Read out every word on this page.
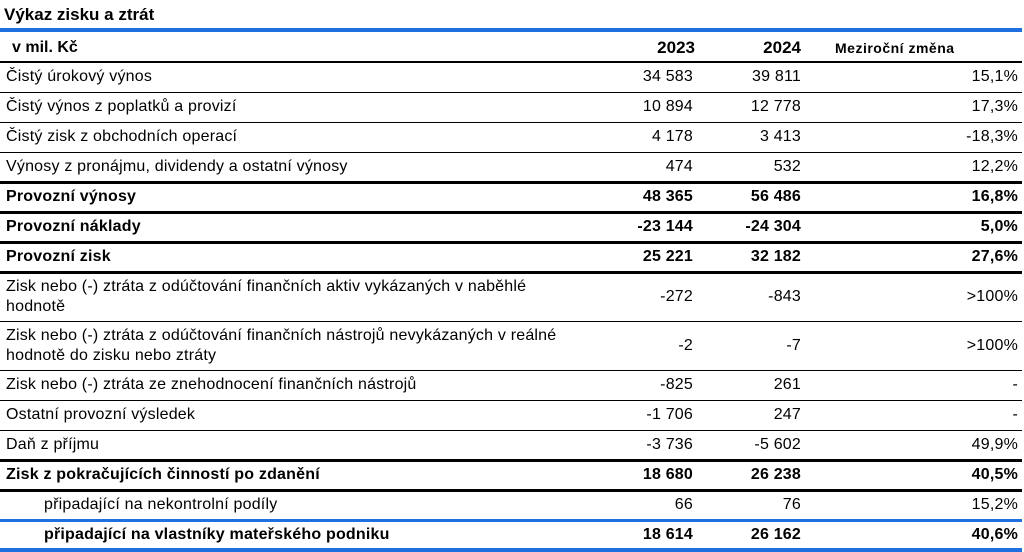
Výkaz zisku a ztrát
v mil. Kč	2023	2024	Meziroční změna
Čistý úrokový výnos	34 583	39 811	15,1%
Čistý výnos z poplatků a provizí	10 894	12 778	17,3%
Čistý zisk z obchodních operací	4 178	3 413	-18,3%
Výnosy z pronájmu, dividendy a ostatní výnosy	474	532	12,2%
Provozní výnosy	48 365	56 486	16,8%
Provozní náklady	-23 144	-24 304	5,0%
Provozní zisk	25 221	32 182	27,6%
Zisk nebo (-) ztráta z odúčtování finančních aktiv vykázaných v naběhlé hodnotě	-272	-843	>100%
Zisk nebo (-) ztráta z odúčtování finančních nástrojů nevykázaných v reálné hodnotě do zisku nebo ztráty	-2	-7	>100%
Zisk nebo (-) ztráta ze znehodnocení finančních nástrojů	-825	261	-
Ostatní provozní výsledek	-1 706	247	-
Daň z příjmu	-3 736	-5 602	49,9%
Zisk z pokračujících činností po zdanění	18 680	26 238	40,5%
připadající na nekontrolní podíly	66	76	15,2%
připadající na vlastníky mateřského podniku	18 614	26 162	40,6%
